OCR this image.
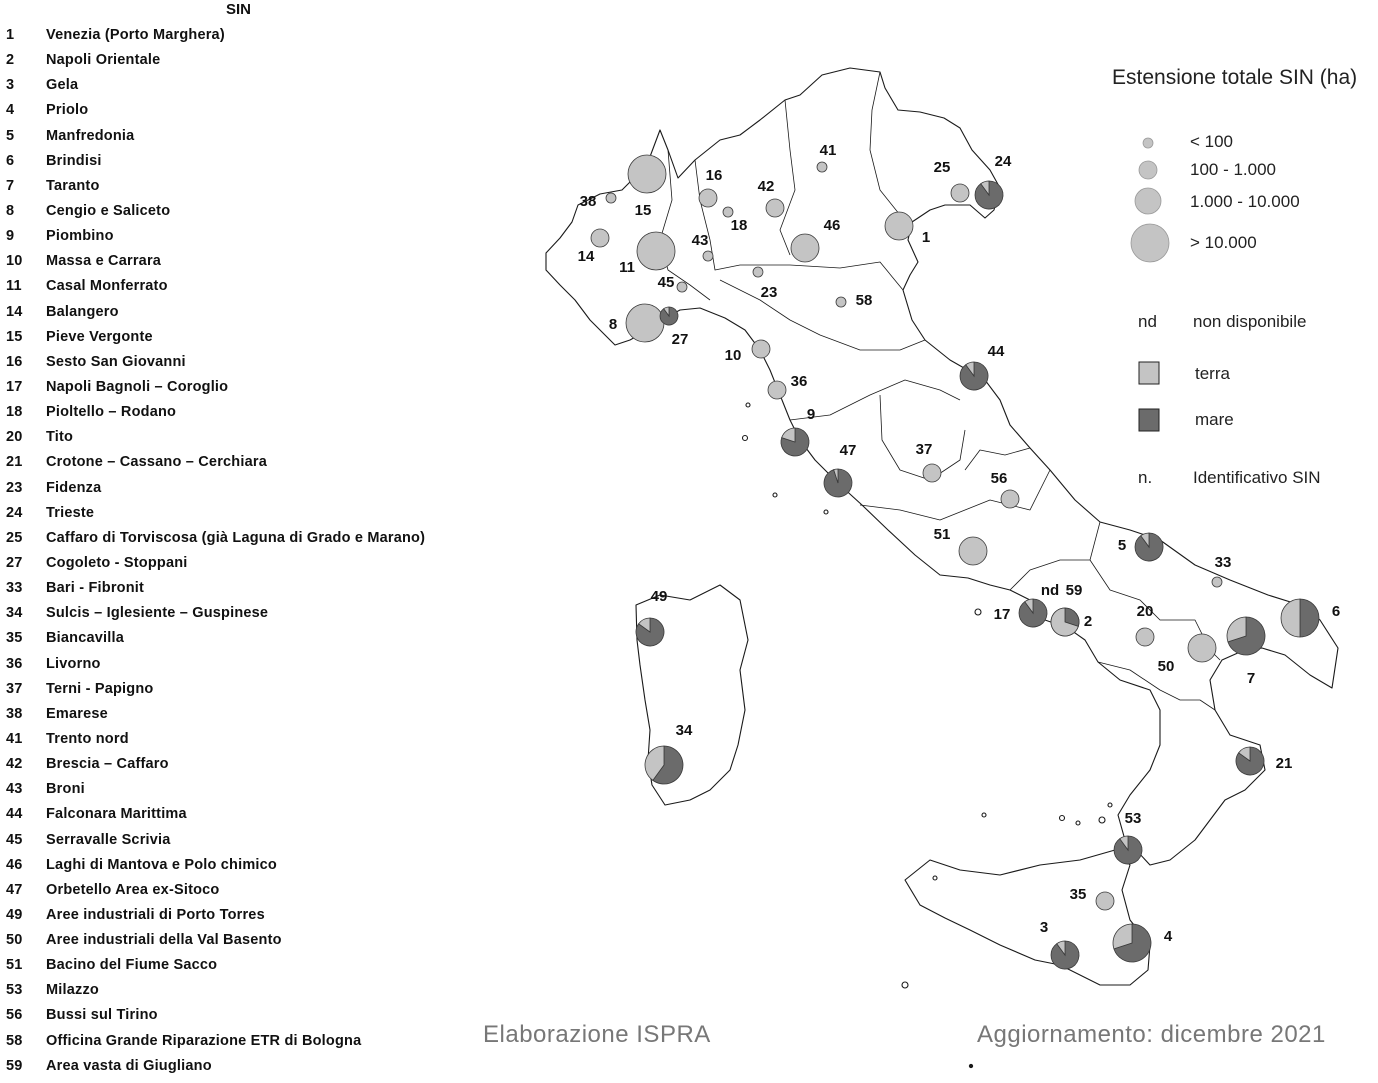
SIN
1 Venezia (Porto Marghera)
2 Napoli Orientale
3 Gela
4 Priolo
5 Manfredonia
6 Brindisi
7 Taranto
8 Cengio e Saliceto
9 Piombino
10 Massa e Carrara
11 Casal Monferrato
14 Balangero
15 Pieve Vergonte
16 Sesto San Giovanni
17 Napoli Bagnoli – Coroglio
18 Pioltello – Rodano
20 Tito
21 Crotone – Cassano – Cerchiara
23 Fidenza
24 Trieste
25 Caffaro di Torviscosa (già Laguna di Grado e Marano)
27 Cogoleto - Stoppani
33 Bari - Fibronit
34 Sulcis – Iglesiente – Guspinese
35 Biancavilla
36 Livorno
37 Terni - Papigno
38 Emarese
41 Trento nord
42 Brescia – Caffaro
43 Broni
44 Falconara Marittima
45 Serravalle Scrivia
46 Laghi di Mantova e Polo chimico
47 Orbetello Area ex-Sitoco
49 Aree industriali di Porto Torres
50 Aree industriali della Val Basento
51 Bacino del Fiume Sacco
53 Milazzo
56 Bussi sul Tirino
58 Officina Grande Riparazione ETR di Bologna
59 Area vasta di Giugliano
1
2
3
4
5
6
7
8
9
10
11
14
15
16
17
18
20
21
23
24
25
27
33
34
35
36
37
38
41
42
43
44
45
46
47
49
50
51
53
56
58
59
nd
Estensione totale SIN (ha)
< 100
100 - 1.000
1.000 - 10.000
> 10.000
nd non disponibile
terra
mare
n. Identificativo SIN
Elaborazione ISPRA	Aggiornamento: dicembre 2021
